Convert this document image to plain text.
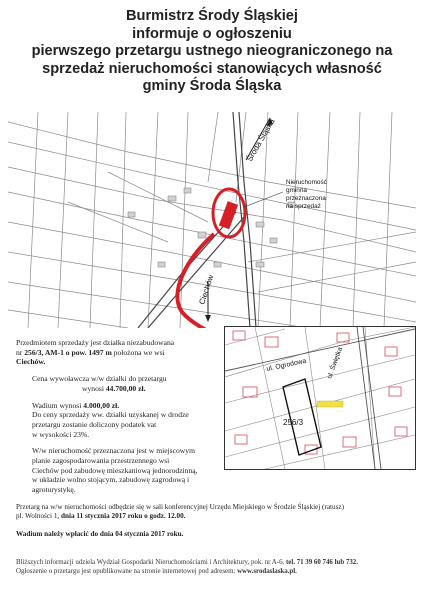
Burmistrz Środy Śląskiej
informuje o ogłoszeniu
pierwszego przetargu ustnego nieograniczonego na
sprzedaż nieruchomości stanowiących własność
gminy Środa Śląska
Środa Śląska
Ciechów
Nieruchomość
gminna
przeznaczona
na sprzedaż
ul. Ogrodowa	ul. Świętka
256/3
Przedmiotem sprzedaży jest działka niezabudowana
nr 256/3, AM-1 o pow. 1497 m położona we wsi
Ciechów.
Cena wywoławcza w/w działki do przetargu
wynosi 44.700,00 zł.
Wadium wynosi 4.000,00 zł.
Do ceny sprzedaży ww. działki uzyskanej w drodze
przetargu zostanie doliczony podatek vat
w wysokości 23%.
W/w nieruchomość przeznaczona jest w miejscowym
planie zagospodarowania przestrzennego wsi
Ciechów pod zabudowę mieszkaniową jednorodzinną,
w układzie wolno stojącym, zabudowę zagrodową i
agroturystykę.
Przetarg na w/w nieruchomości odbędzie się w sali konferencyjnej Urzędu Miejskiego w Środzie Śląskiej (ratusz)
pl. Wolności 1, dnia 11 stycznia 2017 roku o godz. 12.00.
Wadium należy wpłacić do dnia 04 stycznia 2017 roku.
Bliższych informacji udziela Wydział Gospodarki Nieruchomościami i Architektury, pok. nr A-6, tel. 71 39 60 746 lub 732.
Ogłoszenie o przetargu jest opublikowane na stronie internetowej pod adresem: www.srodaslaska.pl.
